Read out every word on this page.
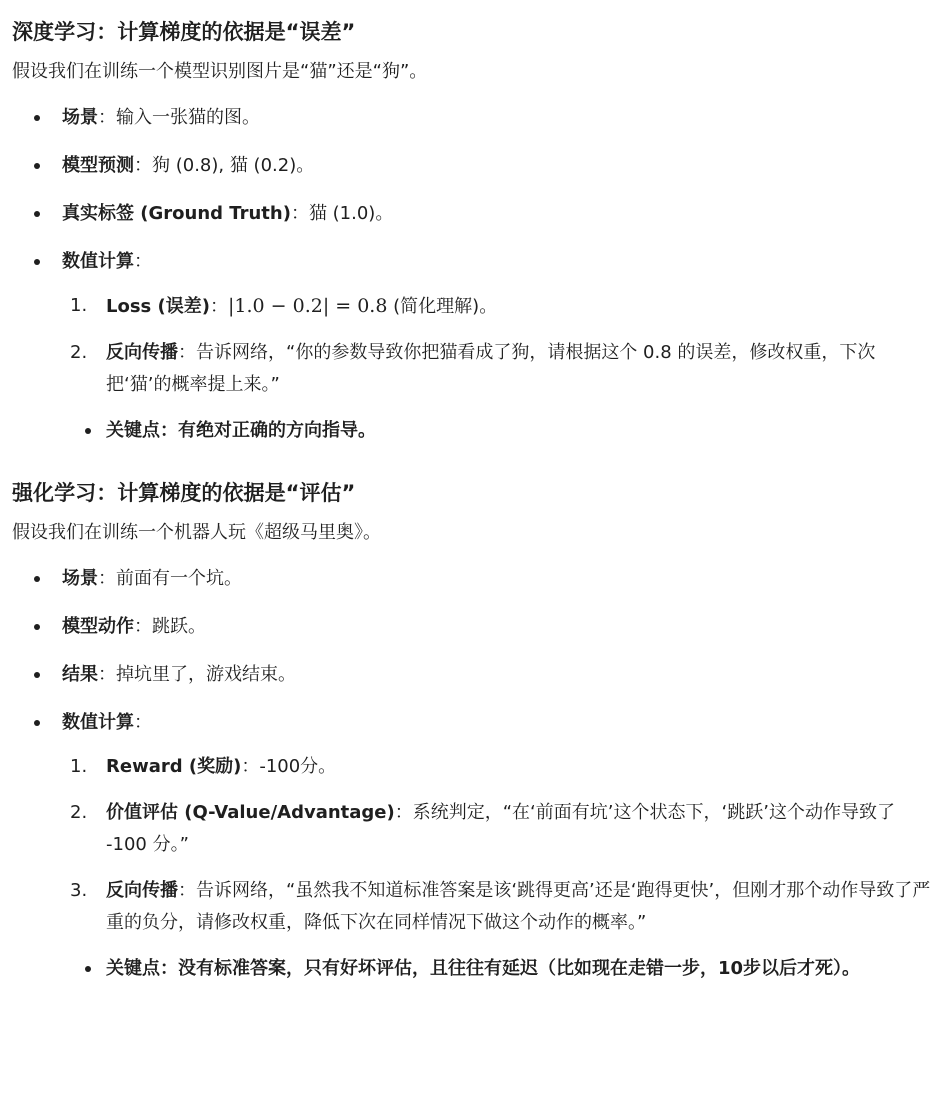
深度学习：计算梯度的依据是“误差”

假设我们在训练一个模型识别图片是“猫”还是“狗”。

场景：输入一张猫的图。
模型预测：狗 (0.8), 猫 (0.2)。
真实标签 (Ground Truth)：猫 (1.0)。
数值计算：
1. Loss (误差)：|1.0 − 0.2| = 0.8 (简化理解)。
2. 反向传播：告诉网络，“你的参数导致你把猫看成了狗，请根据这个 0.8 的误差，修改权重，下次把‘猫’的概率提上来。”
关键点：有绝对正确的方向指导。
强化学习：计算梯度的依据是“评估”

假设我们在训练一个机器人玩《超级马里奥》。

场景：前面有一个坑。
模型动作：跳跃。
结果：掉坑里了，游戏结束。
数值计算：
1. Reward (奖励)：-100分。
2. 价值评估 (Q-Value/Advantage)：系统判定，“在‘前面有坑’这个状态下，‘跳跃’这个动作导致了 -100 分。”
3. 反向传播：告诉网络，“虽然我不知道标准答案是该‘跳得更高’还是‘跑得更快’，但刚才那个动作导致了严重的负分，请修改权重，降低下次在同样情况下做这个动作的概率。”
关键点：没有标准答案，只有好坏评估，且往往有延迟（比如现在走错一步，10步以后才死）。
